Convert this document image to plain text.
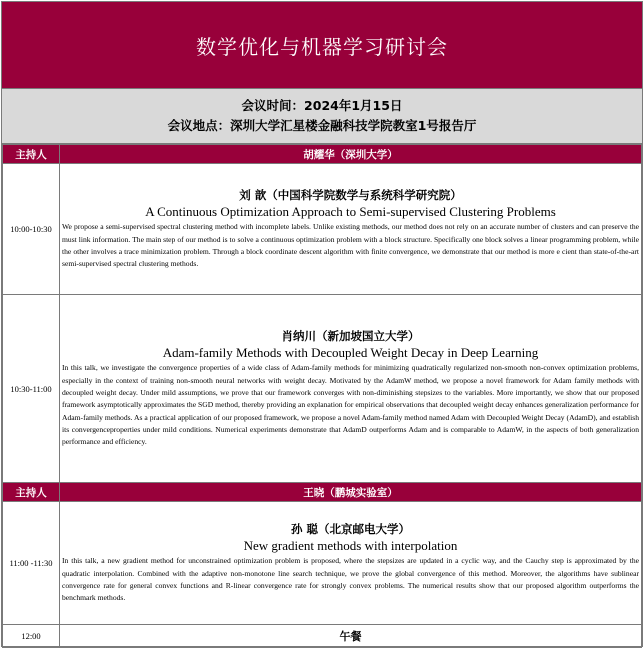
数学优化与机器学习研讨会
会议时间：2024年1月15日
会议地点：深圳大学汇星楼金融科技学院教室1号报告厅
主持人	胡耀华（深圳大学）
10:00-10:30	刘 歆（中国科学院数学与系统科学研究院）
A Continuous Optimization Approach to Semi-supervised Clustering Problems
We propose a semi-supervised spectral clustering method with incomplete labels. Unlike existing methods, our method does not rely on an accurate number of clusters and can preserve the must link information. The main step of our method is to solve a continuous optimization problem with a block structure. Specifically one block solves a linear programming problem, while the other involves a trace minimization problem. Through a block coordinate descent algorithm with finite convergence, we demonstrate that our method is more e cient than state-of-the-art semi-supervised spectral clustering methods.

10:30-11:00	肖纳川（新加坡国立大学）
Adam-family Methods with Decoupled Weight Decay in Deep Learning
In this talk, we investigate the convergence properties of a wide class of Adam-family methods for minimizing quadratically regularized non-smooth non-convex optimization problems, especially in the context of training non-smooth neural networks with weight decay. Motivated by the AdamW method, we propose a novel framework for Adam family methods with decoupled weight decay. Under mild assumptions, we prove that our framework converges with non-diminishing stepsizes to the variables. More importantly, we show that our proposed framework asymptotically approximates the SGD method, thereby providing an explanation for empirical observations that decoupled weight decay enhances generalization performance for Adam-family methods. As a practical application of our proposed framework, we propose a novel Adam-family method named Adam with Decoupled Weight Decay (AdamD), and establish its convergenceproperties under mild conditions. Numerical experiments demonstrate that AdamD outperforms Adam and is comparable to AdamW, in the aspects of both generalization performance and efficiency.

主持人	王晓（鹏城实验室）
11:00 -11:30	孙 聪（北京邮电大学）
New gradient methods with interpolation
In this talk, a new gradient method for unconstrained optimization problem is proposed, where the stepsizes are updated in a cyclic way, and the Cauchy step is approximated by the quadratic interpolation. Combined with the adaptive non-monotone line search technique, we prove the global convergence of this method. Moreover, the algorithms have sublinear convergence rate for general convex functions and R-linear convergence rate for strongly convex problems. The numerical results show that our proposed algorithm outperforms the benchmark methods.

12:00	午餐
